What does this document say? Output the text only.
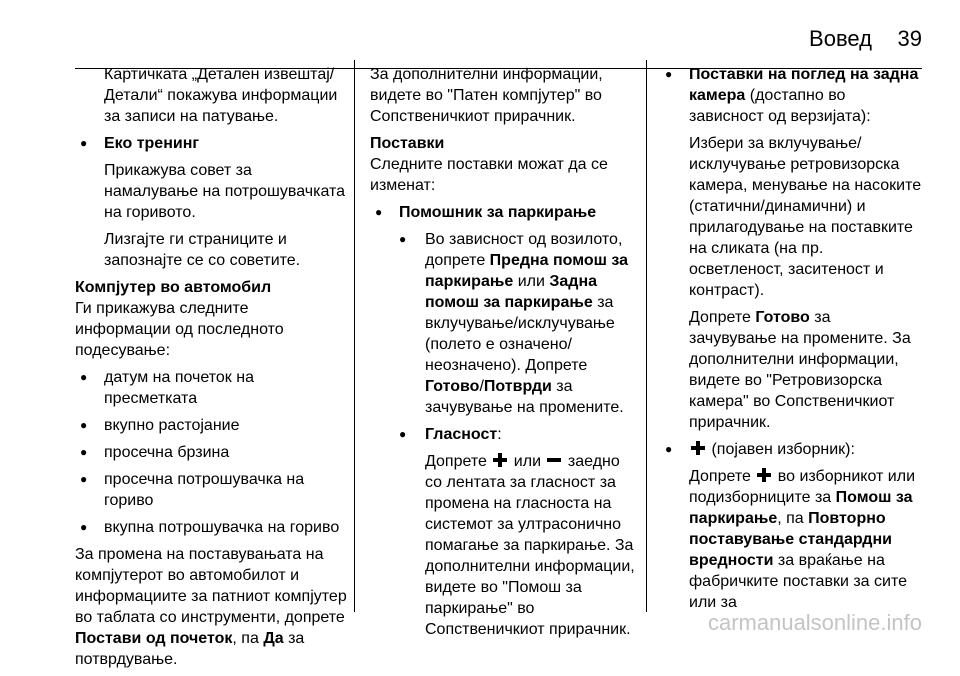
Вовед 39

Картичката „Детален извештај/Детали“ покажува информации за записи на патувањe.

● Еко тренинг

Прикажува совет за намалување на потрошувачката на горивото.

Лизгајте ги страниците и запознајте се со советите.

Компјутер во автомобил

Ги прикажува следните информации од последното подесување:

● датум на почеток на пресметката
● вкупно растојание
● просечна брзина
● просечна потрошувачка на гориво
● вкупна потрошувачка на гориво

За промена на поставувањата на компјутерот во автомобилот и информациите за патниот компјутер во таблата со инструменти, допрете Постави од почеток, па Да за потврдување.

За дополнителни информации, видете во "Патен компјутер" во Сопственичкиот прирачник.

Поставки

Следните поставки можат да се изменат:

● Помошник за паркирање
● Во зависност од возилото, допрете Предна помош за паркирање или Задна помош за паркирање за вклучување/исклучување (полето е означено/неозначено). Допрете Готово/Потврди за зачувување на промените.
● Гласност:

Допрете или заедно со лентата за гласност за промена на гласноста на системот за ултрасонично помагање за паркирање. За дополнителни информации, видете во "Помош за паркирање" во Сопственичкиот прирачник.

● Поставки на поглед на задна камера (достапно во зависност од верзијата):

Избери за вклучување/исклучување ретровизорска камера, менување на насоките (статични/динамични) и прилагодување на поставките на сликата (на пр. осветленост, заситеност и контраст).

Допрете Готово за зачувување на промените. За дополнителни информации, видете во "Ретровизорска камера" во Сопственичкиот прирачник.

● (појавен изборник):

Допрете во изборникот или подизборниците за Помош за паркирање, па Повторно поставување стандардни вредности за враќање на фабричките поставки за сите или за

carmanualsonline.info
